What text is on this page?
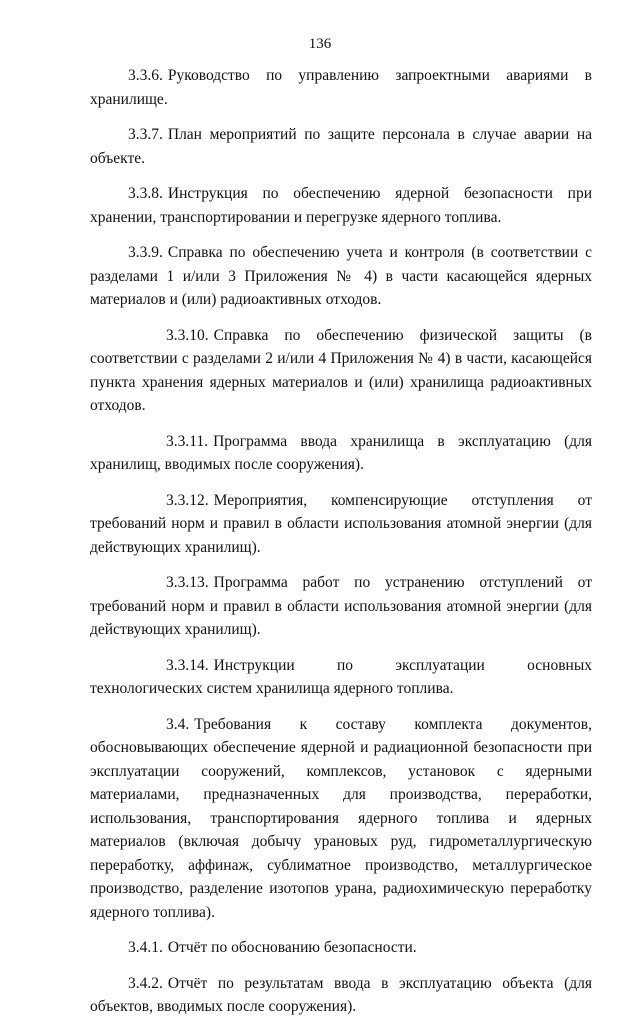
136

3.3.6. Руководство по управлению запроектными авариями в хранилище.

3.3.7. План мероприятий по защите персонала в случае аварии на объекте.

3.3.8. Инструкция по обеспечению ядерной безопасности при хранении, транспортировании и перегрузке ядерного топлива.

3.3.9. Справка по обеспечению учета и контроля (в соответствии с разделами 1 и/или 3 Приложения № 4) в части касающейся ядерных материалов и (или) радиоактивных отходов.

3.3.10. Справка по обеспечению физической защиты (в соответствии с разделами 2 и/или 4 Приложения № 4) в части, касающейся пункта хранения ядерных материалов и (или) хранилища радиоактивных отходов.

3.3.11. Программа ввода хранилища в эксплуатацию (для хранилищ, вводимых после сооружения).

3.3.12. Мероприятия, компенсирующие отступления от требований норм и правил в области использования атомной энергии (для действующих хранилищ).

3.3.13. Программа работ по устранению отступлений от требований норм и правил в области использования атомной энергии (для действующих хранилищ).

3.3.14. Инструкции по эксплуатации основных технологических систем хранилища ядерного топлива.

3.4. Требования к составу комплекта документов, обосновывающих обеспечение ядерной и радиационной безопасности при эксплуатации сооружений, комплексов, установок с ядерными материалами, предназначенных для производства, переработки, использования, транспортирования ядерного топлива и ядерных материалов (включая добычу урановых руд, гидрометаллургическую переработку, аффинаж, сублиматное производство, металлургическое производство, разделение изотопов урана, радиохимическую переработку ядерного топлива).

3.4.1. Отчёт по обоснованию безопасности.

3.4.2. Отчёт по результатам ввода в эксплуатацию объекта (для объектов, вводимых после сооружения).
